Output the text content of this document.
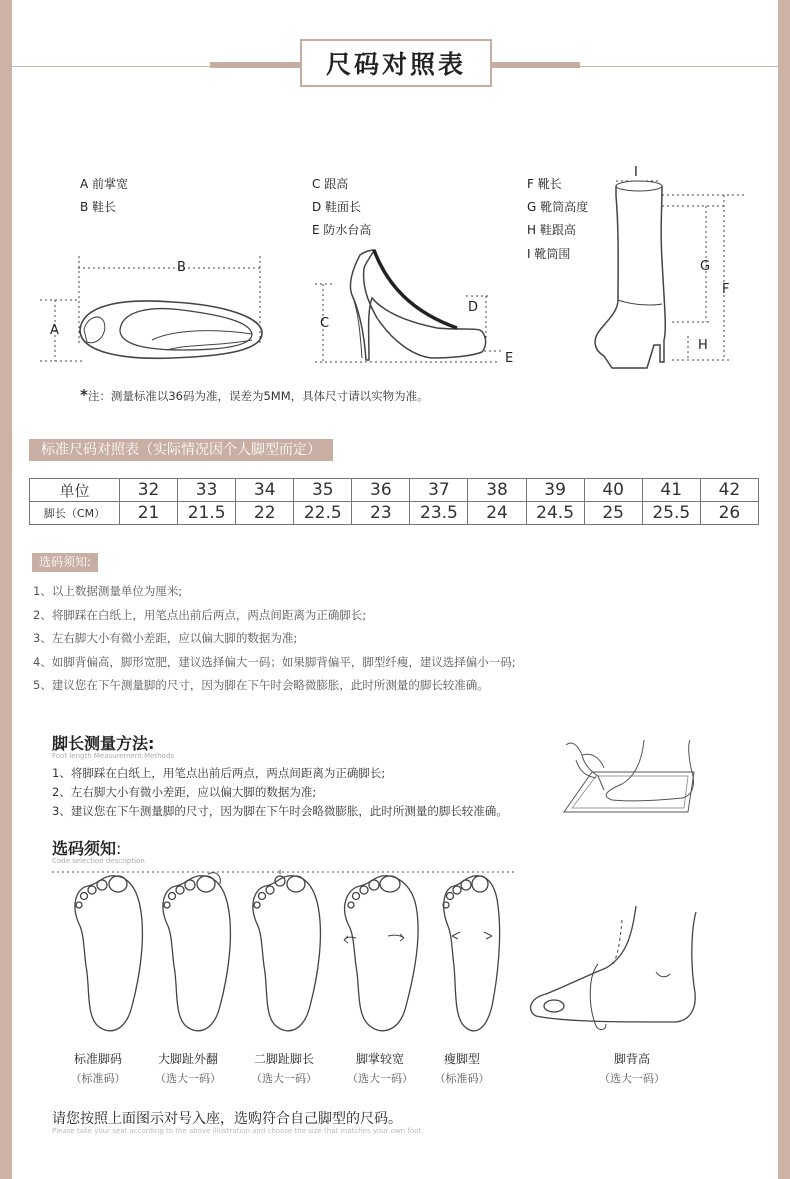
尺码对照表
A 前掌宽
B 鞋长
C 跟高
D 鞋面长
E 防水台高
F 靴长
G 靴筒高度
H 鞋跟高
I 靴筒围
B
A	C
D
E
I
G
F
H
*注：测量标准以36码为准，误差为5MM，具体尺寸请以实物为准。
标准尺码对照表（实际情况因个人脚型而定）
单位	32	33	34	35	36	37	38	39	40	41	42
脚长（CM）	21	21.5	22	22.5	23	23.5	24	24.5	25	25.5	26
选码须知:
1、以上数据测量单位为厘米;
2、将脚踩在白纸上，用笔点出前后两点，两点间距离为正确脚长;
3、左右脚大小有微小差距，应以偏大脚的数据为准;
4、如脚背偏高，脚形宽肥，建议选择偏大一码；如果脚背偏平，脚型纤瘦，建议选择偏小一码;
5、建议您在下午测量脚的尺寸，因为脚在下午时会略微膨胀，此时所测量的脚长较准确。
脚长测量方法:
Foot length Measurement Methods
1、将脚踩在白纸上，用笔点出前后两点，两点间距离为正确脚长;
2、左右脚大小有微小差距，应以偏大脚的数据为准;
3、建议您在下午测量脚的尺寸，因为脚在下午时会略微膨胀，此时所测量的脚长较准确。
选码须知:
Code selection description
标准脚码
（标准码）
大脚趾外翻
（选大一码）
二脚趾脚长
（选大一码）
脚掌较宽
（选大一码）
瘦脚型
（标准码）
脚背高
（选大一码）
请您按照上面图示对号入座，选购符合自己脚型的尺码。
Please take your seat according to the above illustration and choose the size that matches your own foot.
